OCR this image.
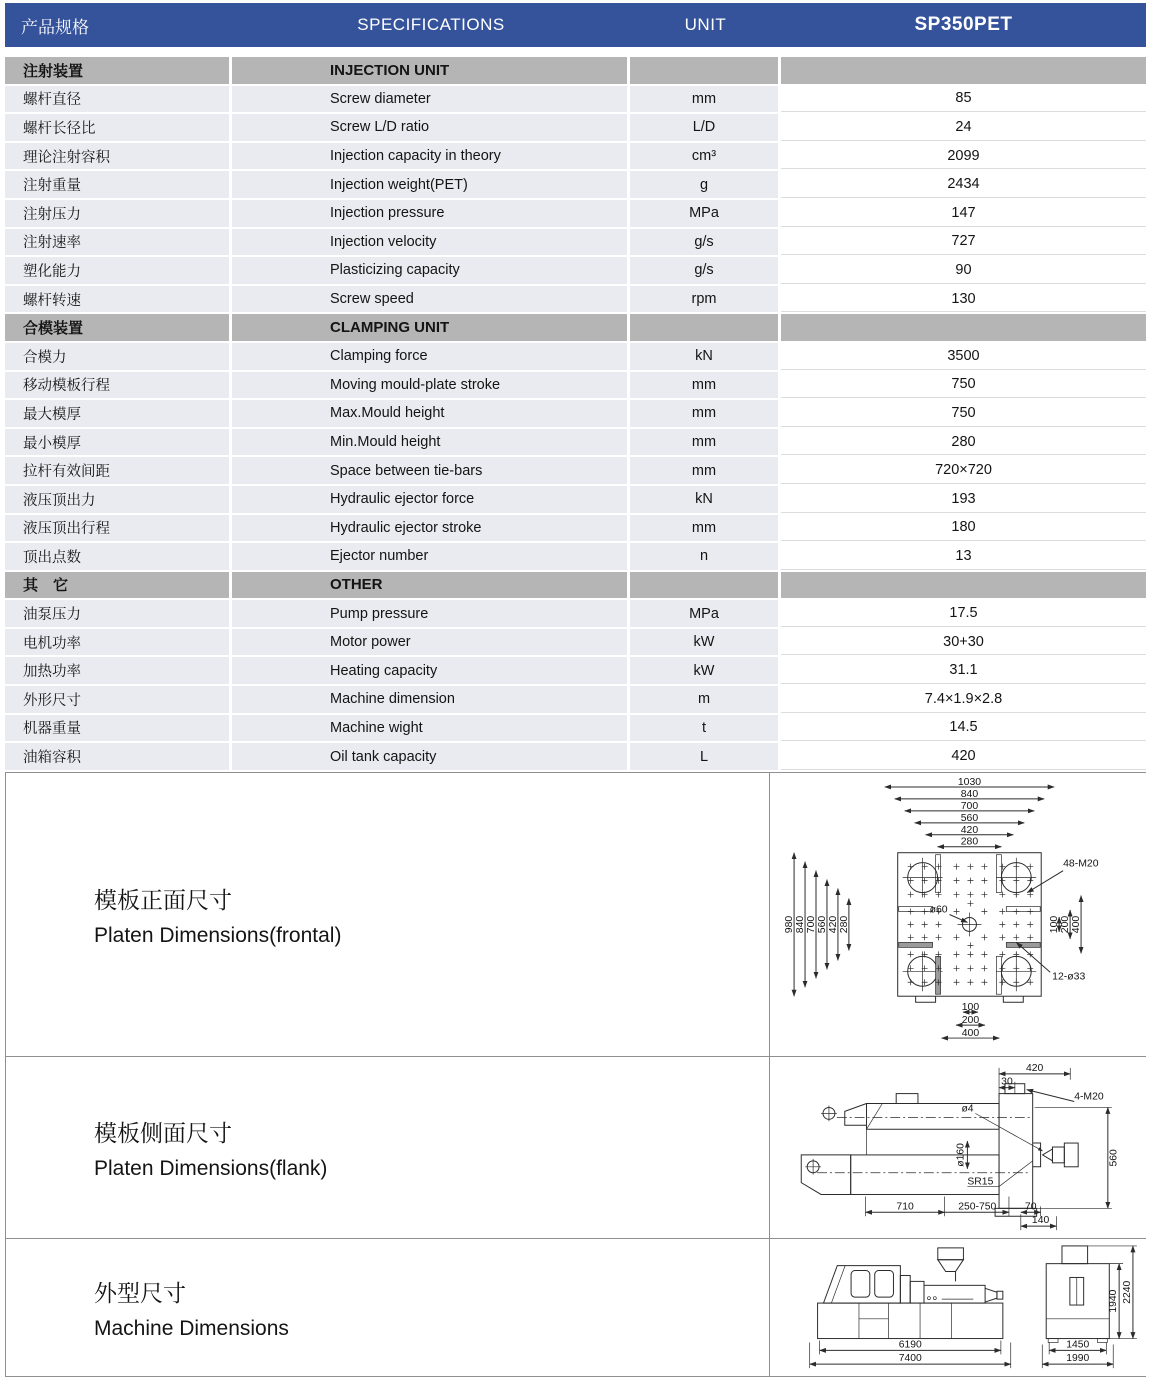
产品规格	SPECIFICATIONS	UNIT	SP350PET
注射装置	INJECTION UNIT
螺杆直径	Screw diameter	mm	85
螺杆长径比	Screw L/D ratio	L/D	24
理论注射容积	Injection capacity in theory	cm³	2099
注射重量	Injection weight(PET)	g	2434
注射压力	Injection pressure	MPa	147
注射速率	Injection velocity	g/s	727
塑化能力	Plasticizing capacity	g/s	90
螺杆转速	Screw speed	rpm	130
合模装置	CLAMPING UNIT
合模力	Clamping force	kN	3500
移动模板行程	Moving mould-plate stroke	mm	750
最大模厚	Max.Mould height	mm	750
最小模厚	Min.Mould height	mm	280
拉杆有效间距	Space between tie-bars	mm	720×720
液压顶出力	Hydraulic ejector force	kN	193
液压顶出行程	Hydraulic ejector stroke	mm	180
顶出点数	Ejector number	n	13
其　它	OTHER
油泵压力	Pump pressure	MPa	17.5
电机功率	Motor power	kW	30+30
加热功率	Heating capacity	kW	31.1
外形尺寸	Machine dimension	m	7.4×1.9×2.8
机器重量	Machine wight	t	14.5
油箱容积	Oil tank capacity	L	420
模板正面尺寸
Platen Dimensions(frontal)
1030
840
700
560
420
280
980 840 700 560 420 280	100 200 400
100
200
400
48-M20
12-ø33
ø60
模板侧面尺寸
Platen Dimensions(flank)
420
30
4-M20
ø4
ø160
SR15
560
710	250-750	70
140
外型尺寸
Machine Dimensions
6190
7400
1450
1990
1940 2240
